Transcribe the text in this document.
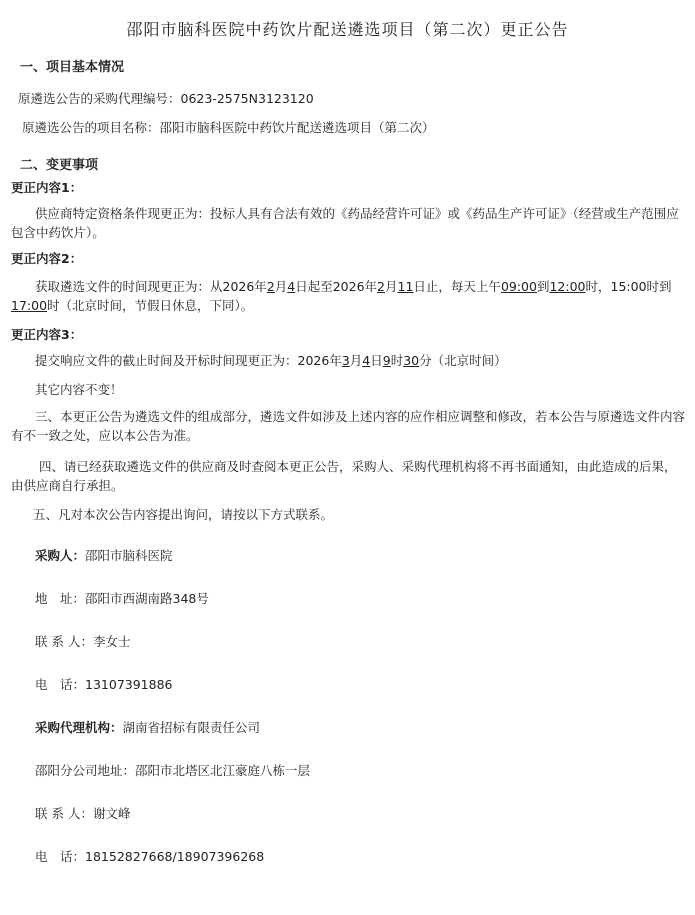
邵阳市脑科医院中药饮片配送遴选项目（第二次）更正公告
一、项目基本情况
原遴选公告的采购代理编号：0623-2575N3123120
原遴选公告的项目名称：邵阳市脑科医院中药饮片配送遴选项目（第二次）
二、变更事项
更正内容1：
供应商特定资格条件现更正为：投标人具有合法有效的《药品经营许可证》或《药品生产许可证》（经营或生产范围应包含中药饮片）。
更正内容2：
获取遴选文件的时间现更正为：从2026年2月4日起至2026年2月11日止，每天上午09:00到12:00时，15:00时到17:00时（北京时间，节假日休息，下同）。
更正内容3：
提交响应文件的截止时间及开标时间现更正为：2026年3月4日9时30分（北京时间）
其它内容不变！
三、本更正公告为遴选文件的组成部分，遴选文件如涉及上述内容的应作相应调整和修改，若本公告与原遴选文件内容有不一致之处，应以本公告为准。
四、请已经获取遴选文件的供应商及时查阅本更正公告，采购人、采购代理机构将不再书面通知，由此造成的后果，由供应商自行承担。
五、凡对本次公告内容提出询问，请按以下方式联系。
采购人：邵阳市脑科医院
地　址：邵阳市西湖南路348号
联 系 人：李女士
电　话：13107391886
采购代理机构：湖南省招标有限责任公司
邵阳分公司地址：邵阳市北塔区北江豪庭八栋一层
联 系 人：谢文峰
电　话：18152827668/18907396268
